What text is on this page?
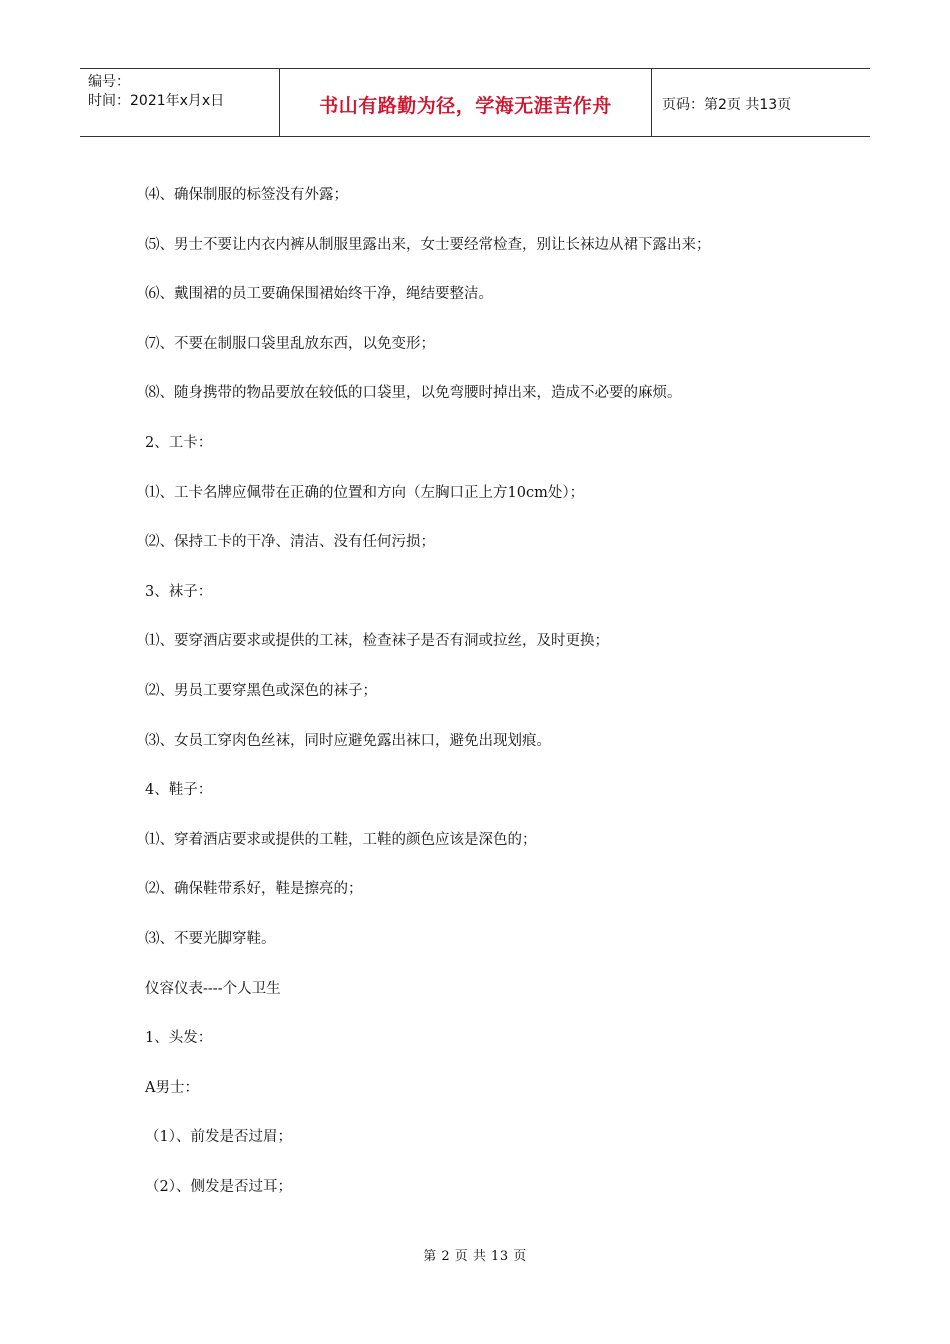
编号：
时间：2021年x月x日	书山有路勤为径，学海无涯苦作舟	页码：第2页 共13页
⑷、确保制服的标签没有外露；
⑸、男士不要让内衣内裤从制服里露出来，女士要经常检查，别让长袜边从裙下露出来；
⑹、戴围裙的员工要确保围裙始终干净，绳结要整洁。
⑺、不要在制服口袋里乱放东西，以免变形；
⑻、随身携带的物品要放在较低的口袋里，以免弯腰时掉出来，造成不必要的麻烦。
2、工卡：
⑴、工卡名牌应佩带在正确的位置和方向（左胸口正上方10cm处）；
⑵、保持工卡的干净、清洁、没有任何污损；
3、袜子：
⑴、要穿酒店要求或提供的工袜，检查袜子是否有洞或拉丝，及时更换；
⑵、男员工要穿黑色或深色的袜子；
⑶、女员工穿肉色丝袜，同时应避免露出袜口，避免出现划痕。
4、鞋子：
⑴、穿着酒店要求或提供的工鞋，工鞋的颜色应该是深色的；
⑵、确保鞋带系好，鞋是擦亮的；
⑶、不要光脚穿鞋。
仪容仪表----个人卫生
1、头发：
A男士：
（1）、前发是否过眉；
（2）、侧发是否过耳；
第 2 页 共 13 页
